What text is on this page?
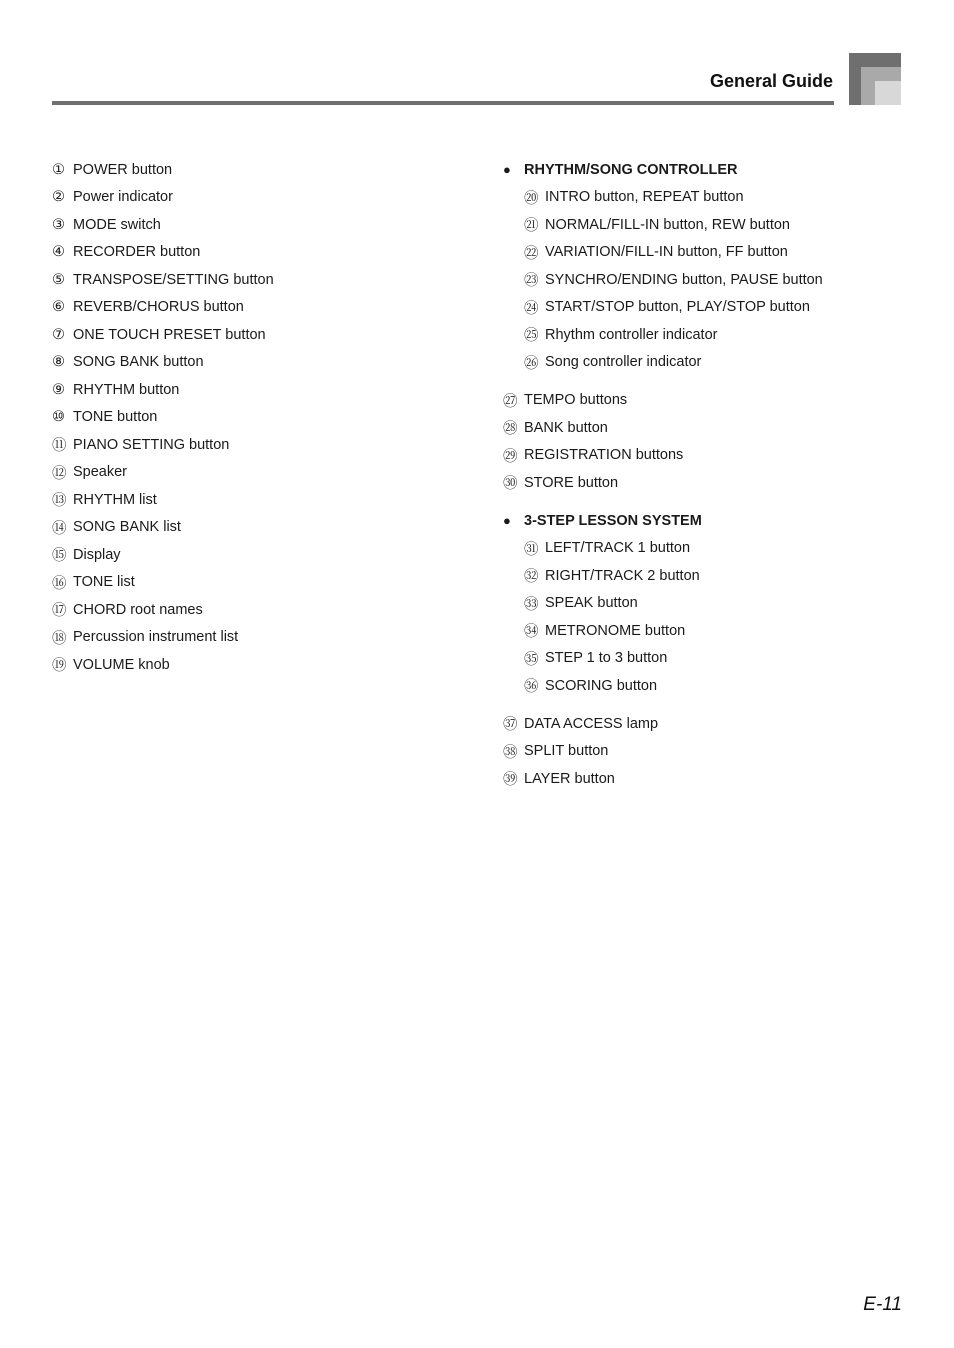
General Guide
① POWER button
② Power indicator
③ MODE switch
④ RECORDER button
⑤ TRANSPOSE/SETTING button
⑥ REVERB/CHORUS button
⑦ ONE TOUCH PRESET button
⑧ SONG BANK button
⑨ RHYTHM button
⑩ TONE button
⑪ PIANO SETTING button
⑫ Speaker
⑬ RHYTHM list
⑭ SONG BANK list
⑮ Display
⑯ TONE list
⑰ CHORD root names
⑱ Percussion instrument list
⑲ VOLUME knob
● RHYTHM/SONG CONTROLLER
⑳ INTRO button, REPEAT button
㉑ NORMAL/FILL-IN button, REW button
㉒ VARIATION/FILL-IN button, FF button
㉓ SYNCHRO/ENDING button, PAUSE button
㉔ START/STOP button, PLAY/STOP button
㉕ Rhythm controller indicator
㉖ Song controller indicator
㉗ TEMPO buttons
㉘ BANK button
㉙ REGISTRATION buttons
㉚ STORE button
● 3-STEP LESSON SYSTEM
㉛ LEFT/TRACK 1 button
㉜ RIGHT/TRACK 2 button
㉝ SPEAK button
㉞ METRONOME button
㉟ STEP 1 to 3 button
㊱ SCORING button
㊲ DATA ACCESS lamp
㊳ SPLIT button
㊴ LAYER button
E-11
